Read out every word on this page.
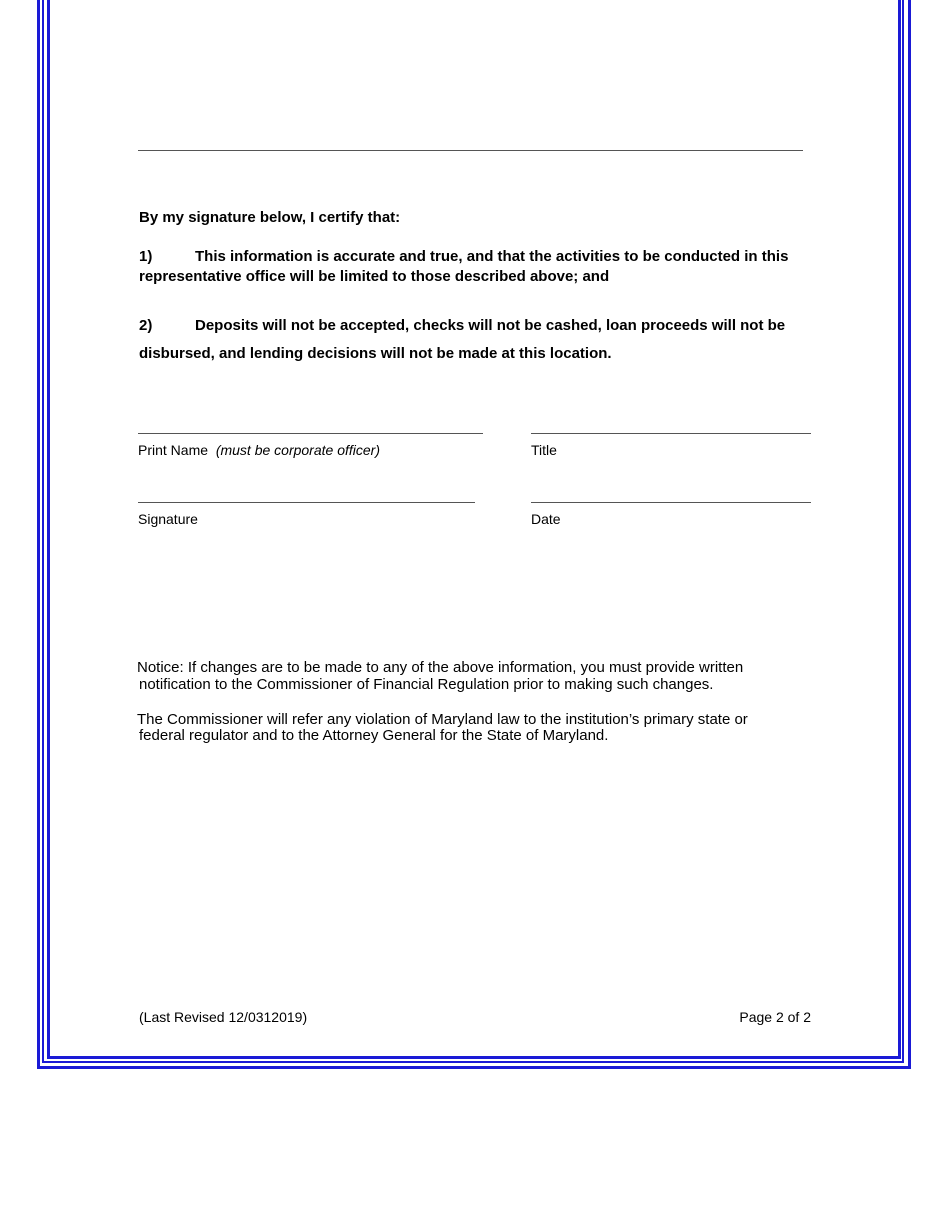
By my signature below, I certify that:

1)	This information is accurate and true, and that the activities to be conducted in this

representative office will be limited to those described above; and

2)	Deposits will not be accepted, checks will not be cashed, loan proceeds will not be

disbursed, and lending decisions will not be made at this location.

Print Name (must be corporate officer)	Title

Signature	Date

Notice: If changes are to be made to any of the above information, you must provide written

notification to the Commissioner of Financial Regulation prior to making such changes.

The Commissioner will refer any violation of Maryland law to the institution’s primary state or

federal regulator and to the Attorney General for the State of Maryland.

(Last Revised 12/0312019)	Page 2 of 2
